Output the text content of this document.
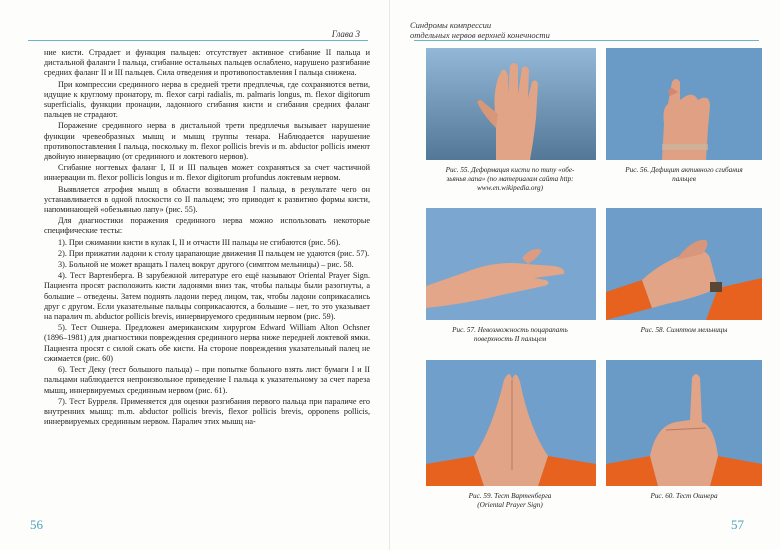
Глава 3

ние кисти. Страдает и функция пальцев: отсутствует активное сгибание II пальца и дистальной фаланги I пальца, сгибание остальных пальцев ослаблено, нарушено разгибание средних фаланг II и III пальцев. Сила отведения и противопоставления I пальца снижена.

При компрессии срединного нерва в средней трети предплечья, где сохраняются ветви, идущие к круглому пронатору, m. flexor carpi radialis, m. palmaris longus, m. flexor digitorum superficialis, функции пронации, ладонного сгибания кисти и сгибания средних фаланг пальцев не страдают.

Поражение срединного нерва в дистальной трети предплечья вызывает нарушение функции чревеобразных мышц и мышц группы тенара. Наблюдается нарушение противопоставления I пальца, поскольку m. flexor pollicis brevis и m. abductor pollicis имеют двойную иннервацию (от срединного и локтевого нервов).

Сгибание ногтевых фаланг I, II и III пальцев может сохраняться за счет частичной иннервации m. flexor pollicis longus и m. flexor digitorum profundus локтевым нервом.

Выявляется атрофия мышц в области возвышения I пальца, в результате чего он устанавливается в одной плоскости со II пальцем; это приводит к развитию формы кисти, напоминающей «обезьянью лапу» (рис. 55).

Для диагностики поражения срединного нерва можно использовать некоторые специфические тесты:

1). При сжимании кисти в кулак I, II и отчасти III пальцы не сгибаются (рис. 56).

2). При прижатии ладони к столу царапающие движения II пальцем не удаются (рис. 57).

3). Больной не может вращать I палец вокруг другого (симптом мельницы) – рис. 58.

4). Тест Вартенберга. В зарубежной литературе его ещё называют Oriental Prayer Sign. Пациента просят расположить кисти ладонями вниз так, чтобы пальцы были разогнуты, а большие – отведены. Затем поднять ладони перед лицом, так, чтобы ладони соприкасались друг с другом. Если указательные пальцы соприкасаются, а большие – нет, то это указывает на паралич m. abductor pollicis brevis, иннервируемого срединным нервом (рис. 59).

5). Тест Ошнера. Предложен американским хирургом Edward William Alton Ochsner (1896–1981) для диагностики повреждения срединного нерва ниже передней локтевой ямки. Пациента просят с силой сжать обе кисти. На стороне повреждения указательный палец не сжимается (рис. 60)

6). Тест Деку (тест большого пальца) – при попытке больного взять лист бумаги I и II пальцами наблюдается непроизвольное приведение I пальца к указательному за счет пареза мышц, иннервируемых срединным нервом (рис. 61).

7). Тест Бурреля. Применяется для оценки разгибания первого пальца при параличе его внутренних мышц: m.m. abductor pollicis brevis, flexor pollicis brevis, opponens pollicis, иннервируемых срединным нервом. Паралич этих мышц на-

56
Синдромы компрессии
отдельных нервов верхней конечности
Рис. 55. Деформация кисти по типу «обе-
зьянья лапа» (по материалам сайта http:
www.en.wikipedia.org)
Рис. 56. Дефицит активного сгибания
пальцев
Рис. 57. Невозможность поцарапать
поверхность II пальцем
Рис. 58. Симптом мельницы
Рис. 59. Тест Вартенберга
(Oriental Prayer Sign)
Рис. 60. Тест Ошнера
57
